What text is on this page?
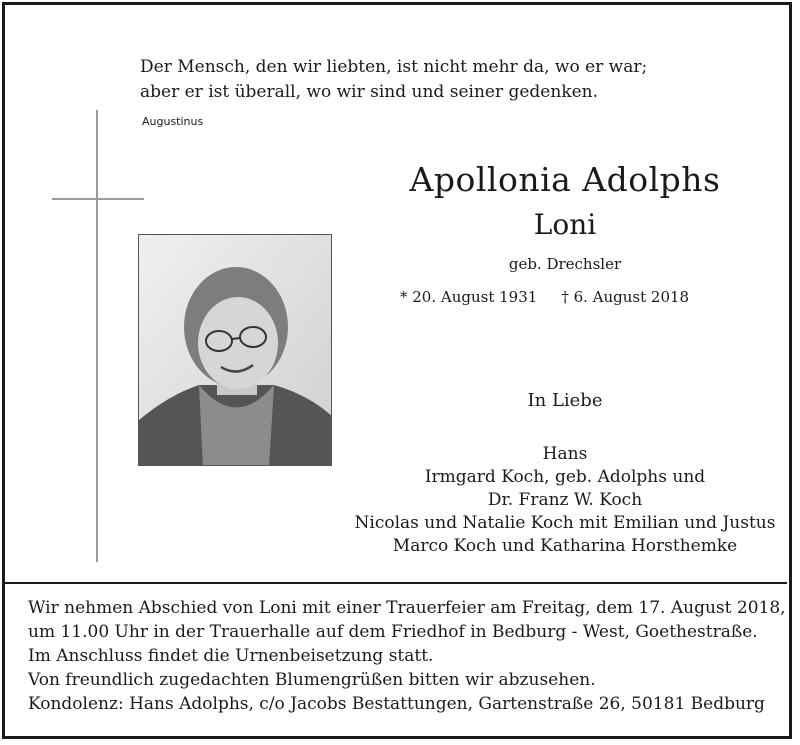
Der Mensch, den wir liebten, ist nicht mehr da, wo er war;
aber er ist überall, wo wir sind und seiner gedenken.
Augustinus
Apollonia Adolphs
Loni
geb. Drechsler
* 20. August 1931 † 6. August 2018
In Liebe
Hans
Irmgard Koch, geb. Adolphs und
Dr. Franz W. Koch
Nicolas und Natalie Koch mit Emilian und Justus
Marco Koch und Katharina Horsthemke
Wir nehmen Abschied von Loni mit einer Trauerfeier am Freitag, dem 17. August 2018,
um 11.00 Uhr in der Trauerhalle auf dem Friedhof in Bedburg - West, Goethestraße.
Im Anschluss findet die Urnenbeisetzung statt.
Von freundlich zugedachten Blumengrüßen bitten wir abzusehen.
Kondolenz: Hans Adolphs, c/o Jacobs Bestattungen, Gartenstraße 26, 50181 Bedburg
